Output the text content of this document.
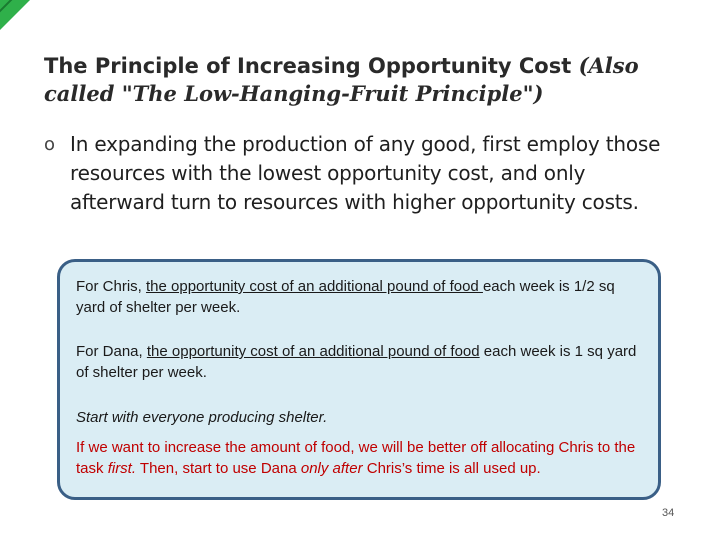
The Principle of Increasing Opportunity Cost (Also called "The Low-Hanging-Fruit Principle")
o In expanding the production of any good, first employ those resources with the lowest opportunity cost, and only afterward turn to resources with higher opportunity costs.
For Chris, the opportunity cost of an additional pound of food each week is 1/2 sq yard of shelter per week.
For Dana, the opportunity cost of an additional pound of food each week is 1 sq yard of shelter per week.
Start with everyone producing shelter.
If we want to increase the amount of food, we will be better off allocating Chris to the task first. Then, start to use Dana only after Chris’s time is all used up.
34
